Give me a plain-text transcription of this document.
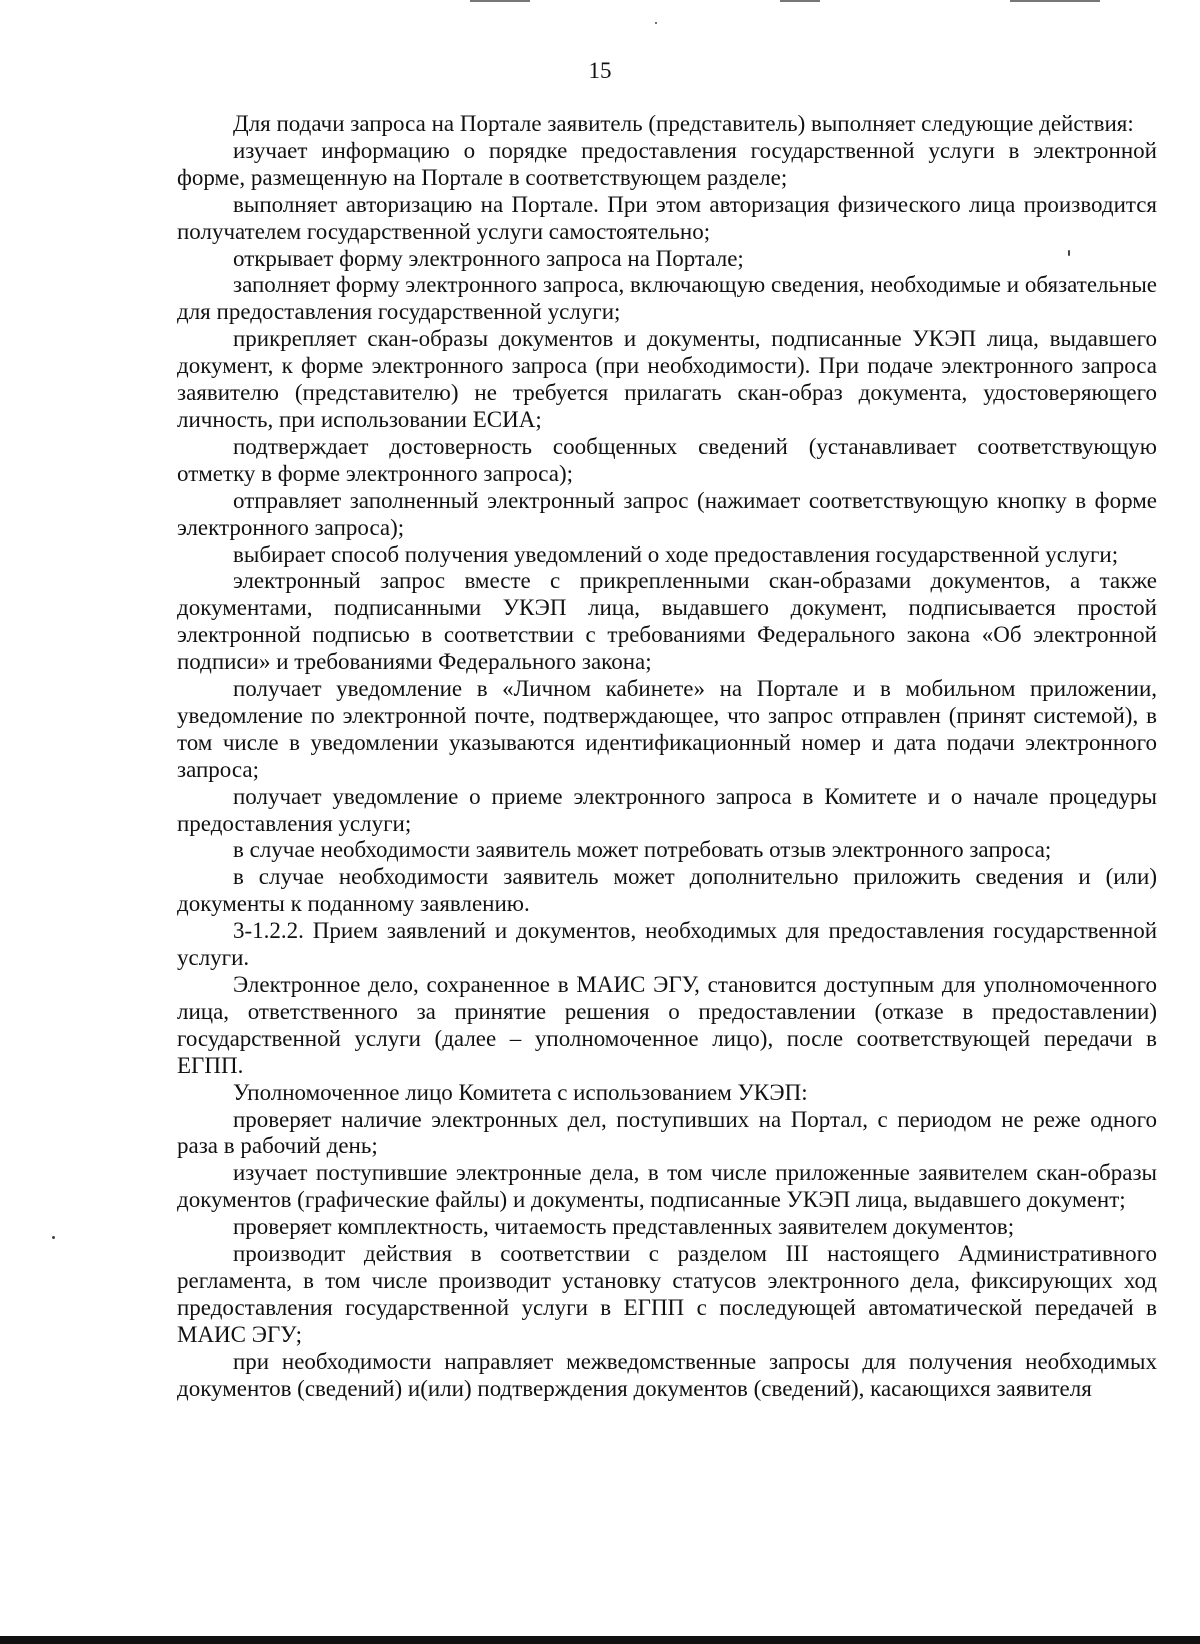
15

Для подачи запроса на Портале заявитель (представитель) выполняет следующие действия:

изучает информацию о порядке предоставления государственной услуги в электронной форме, размещенную на Портале в соответствующем разделе;

выполняет авторизацию на Портале. При этом авторизация физического лица производится получателем государственной услуги самостоятельно;

открывает форму электронного запроса на Портале;

заполняет форму электронного запроса, включающую сведения, необходимые и обязательные для предоставления государственной услуги;

прикрепляет скан-образы документов и документы, подписанные УКЭП лица, выдавшего документ, к форме электронного запроса (при необходимости). При подаче электронного запроса заявителю (представителю) не требуется прилагать скан-образ документа, удостоверяющего личность, при использовании ЕСИА;

подтверждает достоверность сообщенных сведений (устанавливает соответствующую отметку в форме электронного запроса);

отправляет заполненный электронный запрос (нажимает соответствующую кнопку в форме электронного запроса);

выбирает способ получения уведомлений о ходе предоставления государственной услуги;

электронный запрос вместе с прикрепленными скан-образами документов, а также документами, подписанными УКЭП лица, выдавшего документ, подписывается простой электронной подписью в соответствии с требованиями Федерального закона «Об электронной подписи» и требованиями Федерального закона;

получает уведомление в «Личном кабинете» на Портале и в мобильном приложении, уведомление по электронной почте, подтверждающее, что запрос отправлен (принят системой), в том числе в уведомлении указываются идентификационный номер и дата подачи электронного запроса;

получает уведомление о приеме электронного запроса в Комитете и о начале процедуры предоставления услуги;

в случае необходимости заявитель может потребовать отзыв электронного запроса;

в случае необходимости заявитель может дополнительно приложить сведения и (или) документы к поданному заявлению.

3-1.2.2. Прием заявлений и документов, необходимых для предоставления государственной услуги.

Электронное дело, сохраненное в МАИС ЭГУ, становится доступным для уполномоченного лица, ответственного за принятие решения о предоставлении (отказе в предоставлении) государственной услуги (далее – уполномоченное лицо), после соответствующей передачи в ЕГПП.

Уполномоченное лицо Комитета с использованием УКЭП:

проверяет наличие электронных дел, поступивших на Портал, с периодом не реже одного раза в рабочий день;

изучает поступившие электронные дела, в том числе приложенные заявителем скан-образы документов (графические файлы) и документы, подписанные УКЭП лица, выдавшего документ;

проверяет комплектность, читаемость представленных заявителем документов;

производит действия в соответствии с разделом III настоящего Административного регламента, в том числе производит установку статусов электронного дела, фиксирующих ход предоставления государственной услуги в ЕГПП с последующей автоматической передачей в МАИС ЭГУ;

при необходимости направляет межведомственные запросы для получения необходимых документов (сведений) и(или) подтверждения документов (сведений), касающихся заявителя
